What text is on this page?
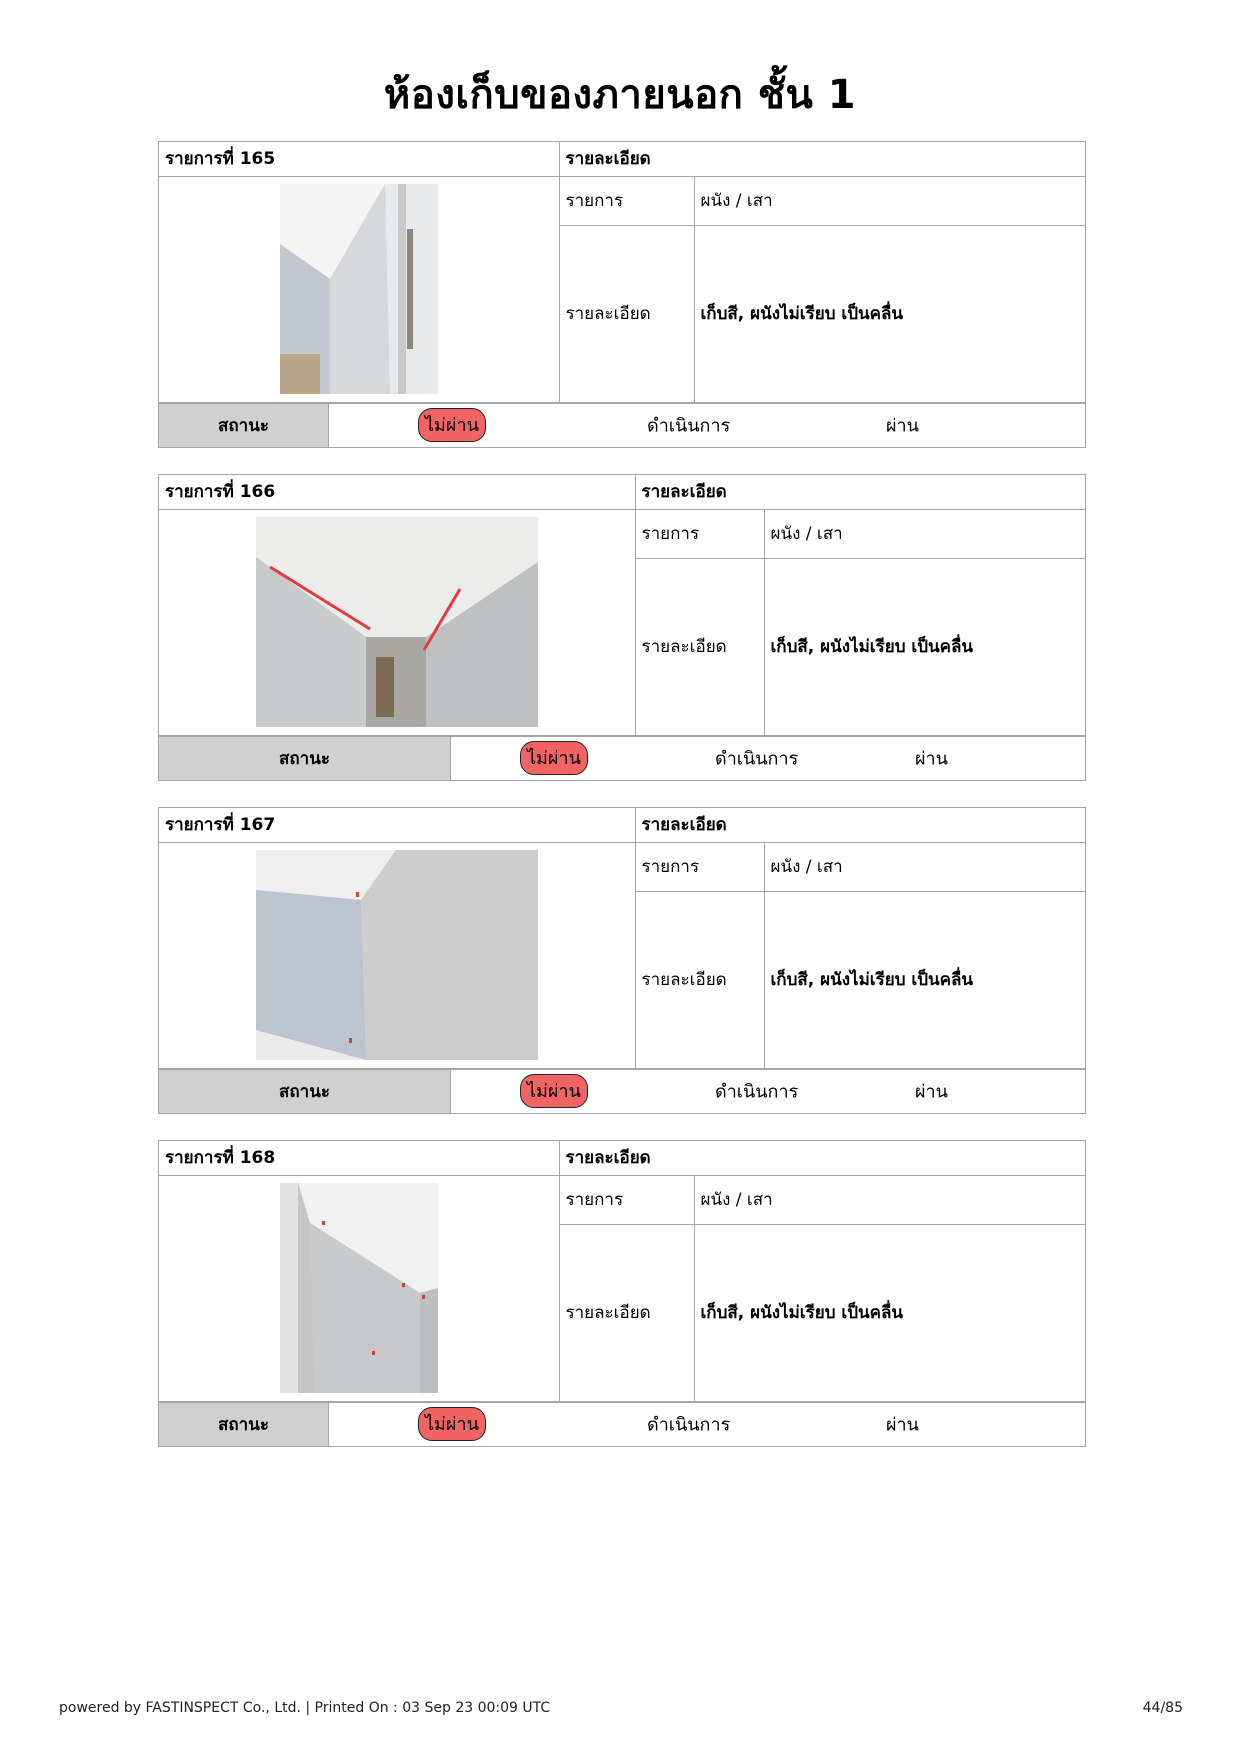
ห้องเก็บของภายนอก ชั้น 1
รายการที่ 165	รายละเอียด	

	รายการ	ผนัง / เสา
	รายละเอียด	เก็บสี, ผนังไม่เรียบ เป็นคลื่น
สถานะ	ไม่ผ่าน	ดำเนินการ	ผ่าน
รายการที่ 166	รายละเอียด	

	รายการ	ผนัง / เสา
	รายละเอียด	เก็บสี, ผนังไม่เรียบ เป็นคลื่น
สถานะ	ไม่ผ่าน	ดำเนินการ	ผ่าน
รายการที่ 167	รายละเอียด	

	รายการ	ผนัง / เสา
	รายละเอียด	เก็บสี, ผนังไม่เรียบ เป็นคลื่น
สถานะ	ไม่ผ่าน	ดำเนินการ	ผ่าน
รายการที่ 168	รายละเอียด	

	รายการ	ผนัง / เสา
	รายละเอียด	เก็บสี, ผนังไม่เรียบ เป็นคลื่น
สถานะ	ไม่ผ่าน	ดำเนินการ	ผ่าน
powered by FASTINSPECT Co., Ltd. | Printed On : 03 Sep 23 00:09 UTC	44/85
